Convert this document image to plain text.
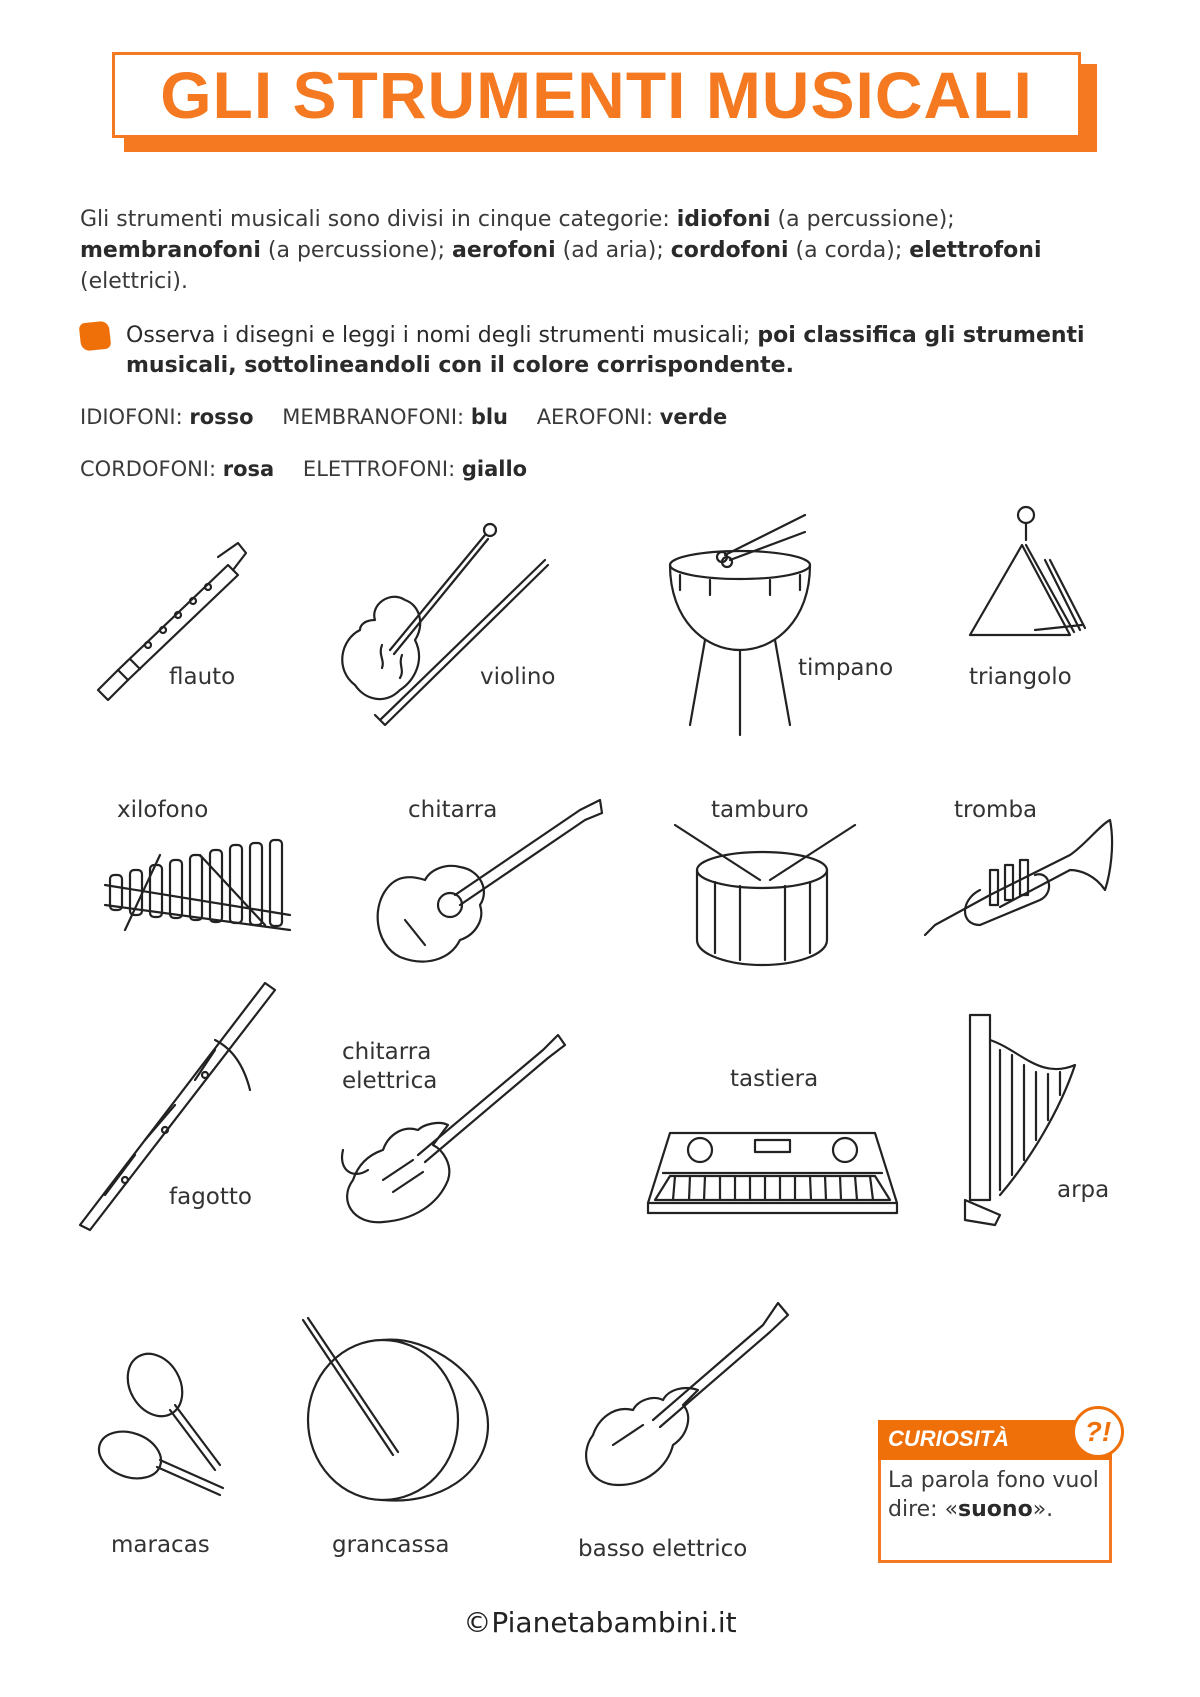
GLI STRUMENTI MUSICALI
Gli strumenti musicali sono divisi in cinque categorie: idiofoni (a percussione); membranofoni (a percussione); aerofoni (ad aria); cordofoni (a corda); elettrofoni
(elettrici).
Osserva i disegni e leggi i nomi degli strumenti musicali; poi classifica gli strumenti musicali, sottolineandoli con il colore corrispondente.
IDIOFONI: rosso MEMBRANOFONI: blu AEROFONI: verde
CORDOFONI: rosa ELETTROFONI: giallo
flauto	violino	timpano	triangolo
xilofono	chitarra	tamburo	tromba
fagotto
chitarra
elettrica	tastiera
arpa
maracas	grancassa	basso elettrico
CURIOSITÀ	?!
La parola fono vuol dire: «suono».
©Pianetabambini.it
